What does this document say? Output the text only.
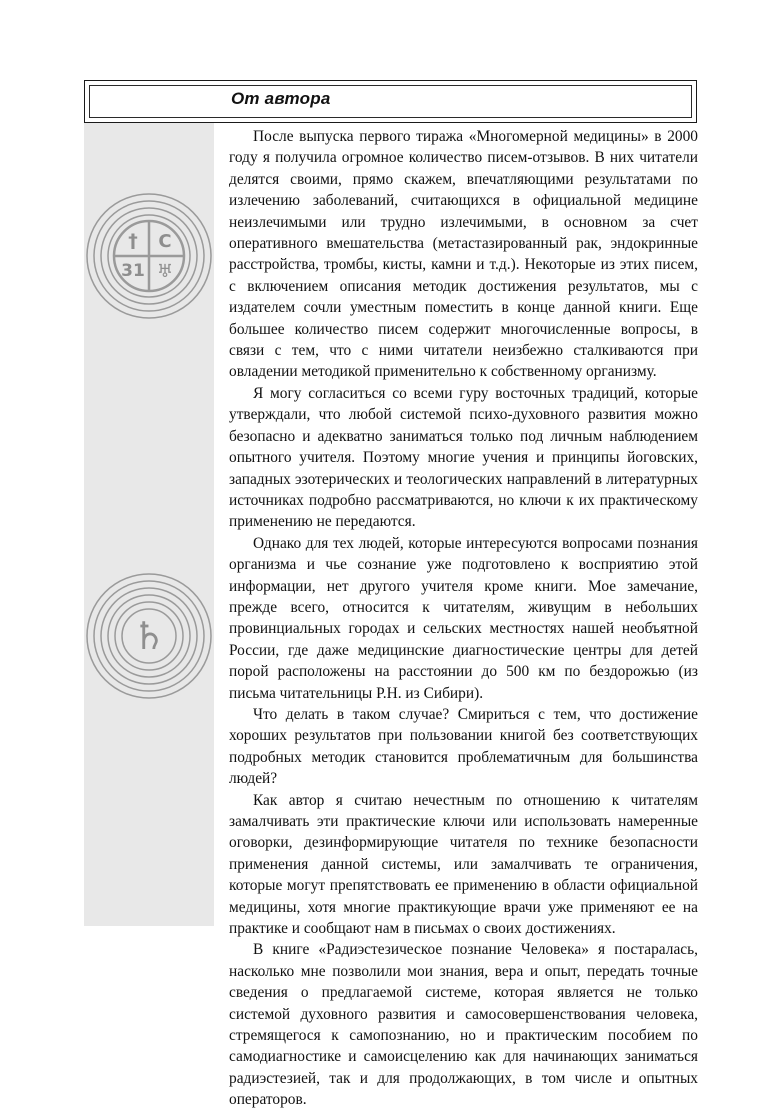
От автора
† С
31 ♅
♄

После выпуска первого тиража «Многомерной медицины» в 2000 году я получила огромное количество писем-отзывов. В них читатели делятся своими, прямо скажем, впечатляющими результатами по излечению заболеваний, считающихся в официальной медицине неизлечимыми или трудно излечимыми, в основном за счет оперативного вмешательства (метастазированный рак, эндокринные расстройства, тромбы, кисты, камни и т.д.). Некоторые из этих писем, с включением описания методик достижения результатов, мы с издателем сочли уместным поместить в конце данной книги. Еще большее количество писем содержит многочисленные вопросы, в связи с тем, что с ними читатели неизбежно сталкиваются при овладении методикой применительно к собственному организму.

Я могу согласиться со всеми гуру восточных традиций, которые утверждали, что любой системой психо-духовного развития можно безопасно и адекватно заниматься только под личным наблюдением опытного учителя. Поэтому многие учения и принципы йоговских, западных эзотерических и теологических направлений в литературных источниках подробно рассматриваются, но ключи к их практическому применению не передаются.

Однако для тех людей, которые интересуются вопросами познания организма и чье сознание уже подготовлено к восприятию этой информации, нет другого учителя кроме книги. Мое замечание, прежде всего, относится к читателям, живущим в небольших провинциальных городах и сельских местностях нашей необъятной России, где даже медицинские диагностические центры для детей порой расположены на расстоянии до 500 км по бездорожью (из письма читательницы Р.Н. из Сибири).

Что делать в таком случае? Смириться с тем, что достижение хороших результатов при пользовании книгой без соответствующих подробных методик становится проблематичным для большинства людей?

Как автор я считаю нечестным по отношению к читателям замалчивать эти практические ключи или использовать намеренные оговорки, дезинформирующие читателя по технике безопасности применения данной системы, или замалчивать те ограничения, которые могут препятствовать ее применению в области официальной медицины, хотя многие практикующие врачи уже применяют ее на практике и сообщают нам в письмах о своих достижениях.

В книге «Радиэстезическое познание Человека» я постаралась, насколько мне позволили мои знания, вера и опыт, передать точные сведения о предлагаемой системе, которая является не только системой духовного развития и самосовершенствования человека, стремящегося к самопознанию, но и практическим пособием по самодиагностике и самоисцелению как для начинающих заниматься радиэстезией, так и для продолжающих, в том числе и опытных операторов.
